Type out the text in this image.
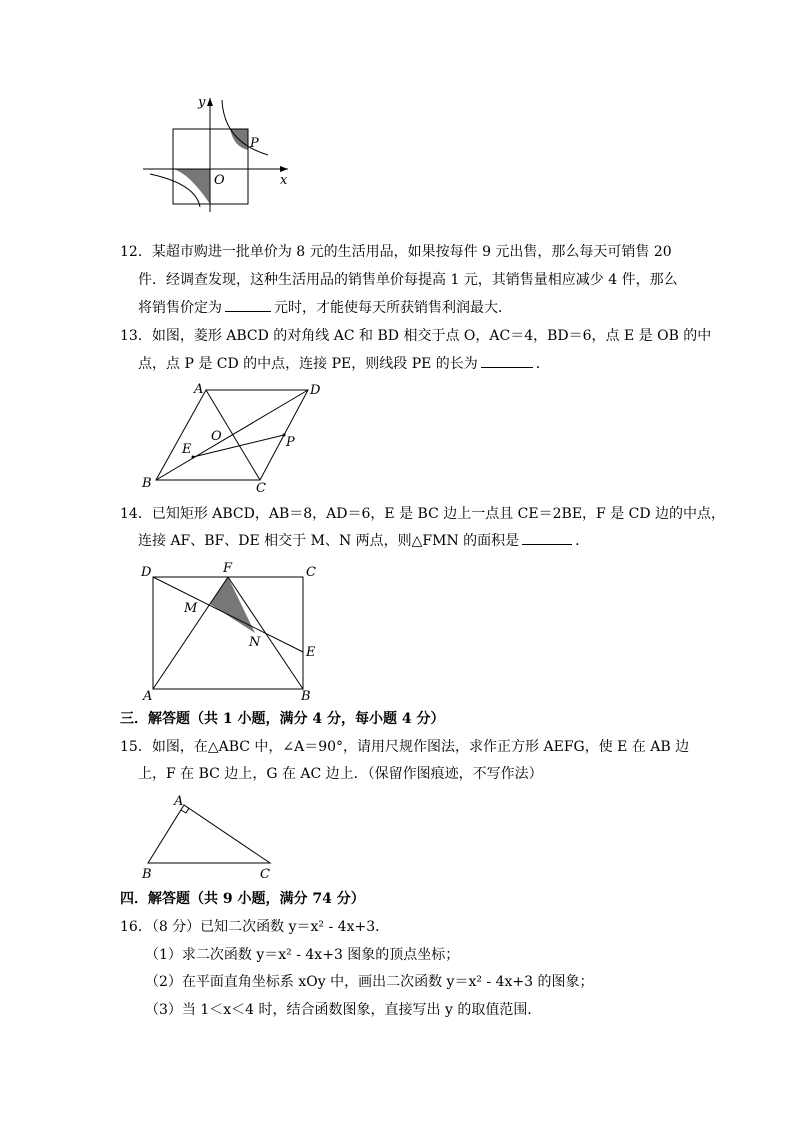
y
x
O
P
12．某超市购进一批单价为 8 元的生活用品，如果按每件 9 元出售，那么每天可销售 20
件．经调查发现，这种生活用品的销售单价每提高 1 元，其销售量相应减少 4 件，那么
将销售价定为	元时，才能使每天所获销售利润最大．
13．如图，菱形 ABCD 的对角线 AC 和 BD 相交于点 O，AC＝4，BD＝6，点 E 是 OB 的中
点，点 P 是 CD 的中点，连接 PE，则线段 PE 的长为	．
A	D
O
E	P
B	C
14．已知矩形 ABCD，AB＝8，AD＝6，E 是 BC 边上一点且 CE＝2BE，F 是 CD 边的中点，
连接 AF、BF、DE 相交于 M、N 两点，则△FMN 的面积是	．
D	F	C
M
N
E
A	B
三．解答题（共 1 小题，满分 4 分，每小题 4 分）
15．如图，在△ABC 中，∠A＝90°，请用尺规作图法，求作正方形 AEFG，使 E 在 AB 边
上，F 在 BC 边上，G 在 AC 边上．（保留作图痕迹，不写作法）
A
B	C
四．解答题（共 9 小题，满分 74 分）
16．（8 分）已知二次函数 y＝x² - 4x+3．
（1）求二次函数 y＝x² - 4x+3 图象的顶点坐标；
（2）在平面直角坐标系 xOy 中，画出二次函数 y＝x² - 4x+3 的图象；
（3）当 1＜x＜4 时，结合函数图象，直接写出 y 的取值范围．
